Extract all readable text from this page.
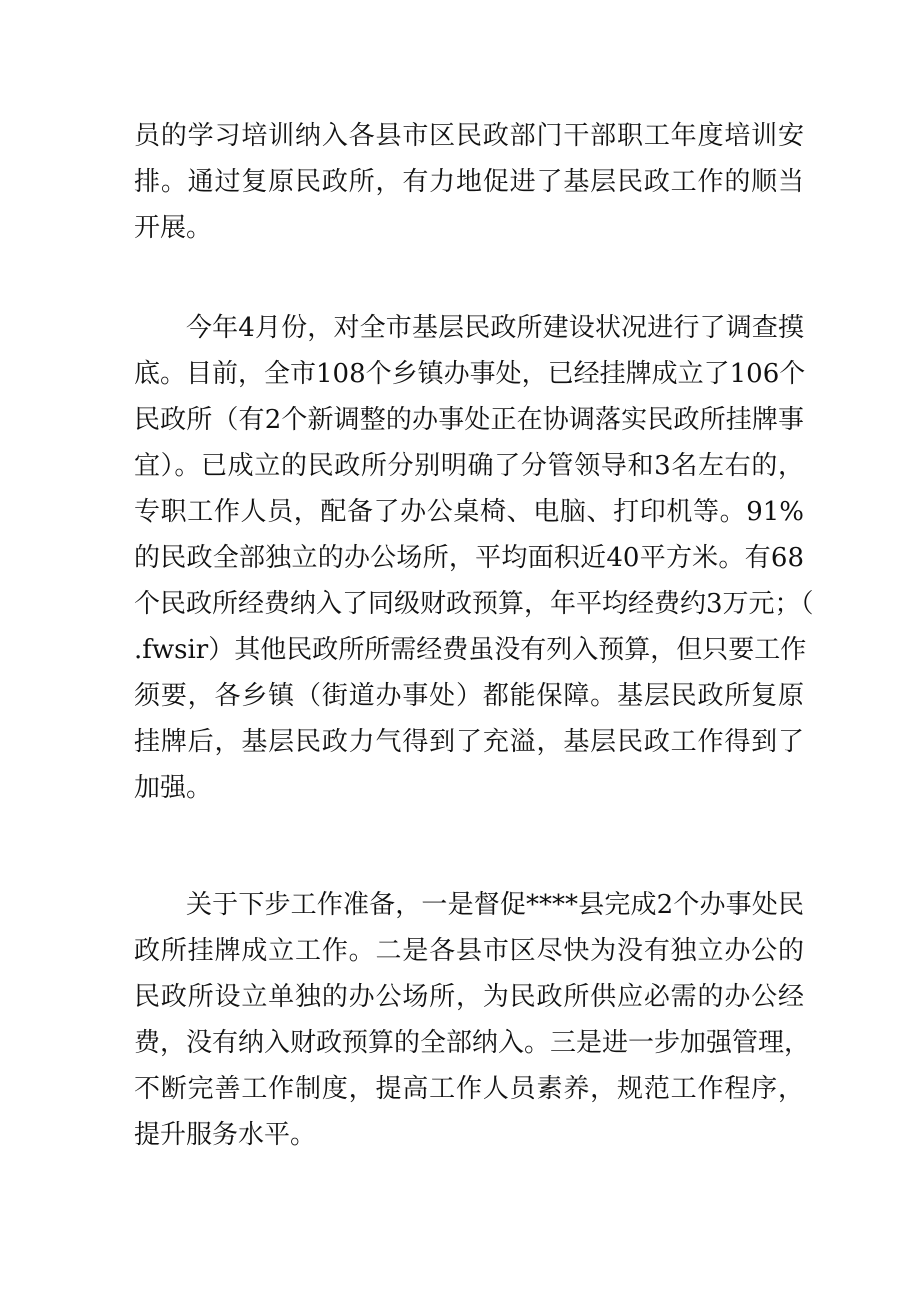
员的学习培训纳入各县市区民政部门干部职工年度培训安
排。通过复原民政所，有力地促进了基层民政工作的顺当
开展。
今年4月份，对全市基层民政所建设状况进行了调查摸
底。目前，全市108个乡镇办事处，已经挂牌成立了106个
民政所（有2个新调整的办事处正在协调落实民政所挂牌事
宜）。已成立的民政所分别明确了分管领导和3名左右的，
专职工作人员，配备了办公桌椅、电脑、打印机等。91%
的民政全部独立的办公场所，平均面积近40平方米。有68
个民政所经费纳入了同级财政预算，年平均经费约3万元；（
.fwsir）其他民政所所需经费虽没有列入预算，但只要工作
须要，各乡镇（街道办事处）都能保障。基层民政所复原
挂牌后，基层民政力气得到了充溢，基层民政工作得到了
加强。
关于下步工作准备，一是督促****县完成2个办事处民
政所挂牌成立工作。二是各县市区尽快为没有独立办公的
民政所设立单独的办公场所，为民政所供应必需的办公经
费，没有纳入财政预算的全部纳入。三是进一步加强管理，
不断完善工作制度，提高工作人员素养，规范工作程序，
提升服务水平。
